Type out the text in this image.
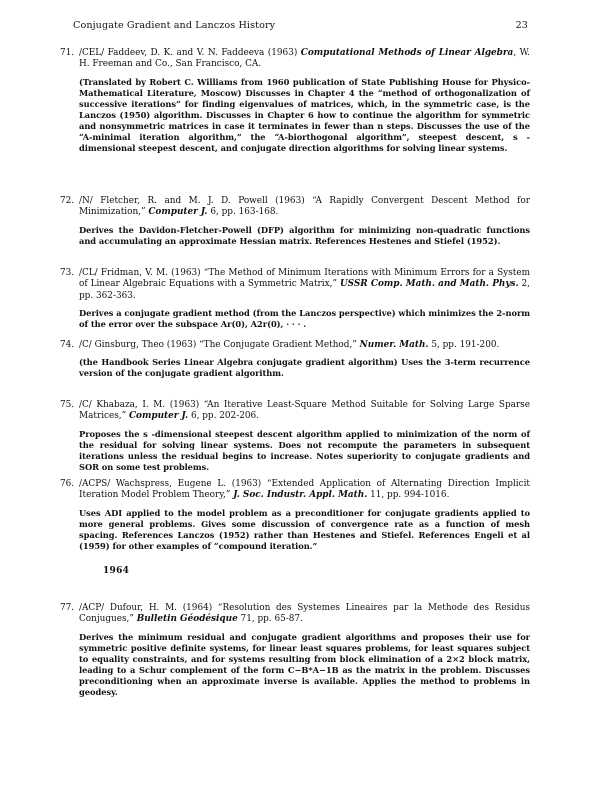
Conjugate Gradient and Lanczos History	23
71. /CEL/ Faddeev, D. K. and V. N. Faddeeva (1963) Computational Methods of Linear Algebra, W. H. Freeman and Co., San Francisco, CA.

(Translated by Robert C. Williams from 1960 publication of State Publishing House for Physico-Mathematical Literature, Moscow) Discusses in Chapter 4 the “method of orthogonalization of successive iterations” for finding eigenvalues of matrices, which, in the symmetric case, is the Lanczos (1950) algorithm. Discusses in Chapter 6 how to continue the algorithm for symmetric and nonsymmetric matrices in case it terminates in fewer than n steps. Discusses the use of the “A-minimal iteration algorithm,” the “A-biorthogonal algorithm”, steepest descent, s -dimensional steepest descent, and conjugate direction algorithms for solving linear systems.

72. /N/ Fletcher, R. and M. J. D. Powell (1963) “A Rapidly Convergent Descent Method for Minimization,” Computer J. 6, pp. 163-168.

Derives the Davidon-Fletcher-Powell (DFP) algorithm for minimizing non-quadratic functions and accumulating an approximate Hessian matrix. References Hestenes and Stiefel (1952).

73. /CL/ Fridman, V. M. (1963) “The Method of Minimum Iterations with Minimum Errors for a System of Linear Algebraic Equations with a Symmetric Matrix,” USSR Comp. Math. and Math. Phys. 2, pp. 362-363.

Derives a conjugate gradient method (from the Lanczos perspective) which minimizes the 2-norm of the error over the subspace Ar(0), A2r(0), · · · .

74. /C/ Ginsburg, Theo (1963) “The Conjugate Gradient Method,” Numer. Math. 5, pp. 191-200.

(the Handbook Series Linear Algebra conjugate gradient algorithm) Uses the 3-term recurrence version of the conjugate gradient algorithm.

75. /C/ Khabaza, I. M. (1963) “An Iterative Least-Square Method Suitable for Solving Large Sparse Matrices,” Computer J. 6, pp. 202-206.

Proposes the s -dimensional steepest descent algorithm applied to minimization of the norm of the residual for solving linear systems. Does not recompute the parameters in subsequent iterations unless the residual begins to increase. Notes superiority to conjugate gradients and SOR on some test problems.

76. /ACPS/ Wachspress, Eugene L. (1963) “Extended Application of Alternating Direction Implicit Iteration Model Problem Theory,” J. Soc. Industr. Appl. Math. 11, pp. 994-1016.

Uses ADI applied to the model problem as a preconditioner for conjugate gradients applied to more general problems. Gives some discussion of convergence rate as a function of mesh spacing. References Lanczos (1952) rather than Hestenes and Stiefel. References Engeli et al (1959) for other examples of “compound iteration.”

1964
77. /ACP/ Dufour, H. M. (1964) “Resolution des Systemes Lineaires par la Methode des Residus Conjugues,” Bulletin Géodésique 71, pp. 65-87.

Derives the minimum residual and conjugate gradient algorithms and proposes their use for symmetric positive definite systems, for linear least squares problems, for least squares subject to equality constraints, and for systems resulting from block elimination of a 2×2 block matrix, leading to a Schur complement of the form C−B*A−1B as the matrix in the problem. Discusses preconditioning when an approximate inverse is available. Applies the method to problems in geodesy.
